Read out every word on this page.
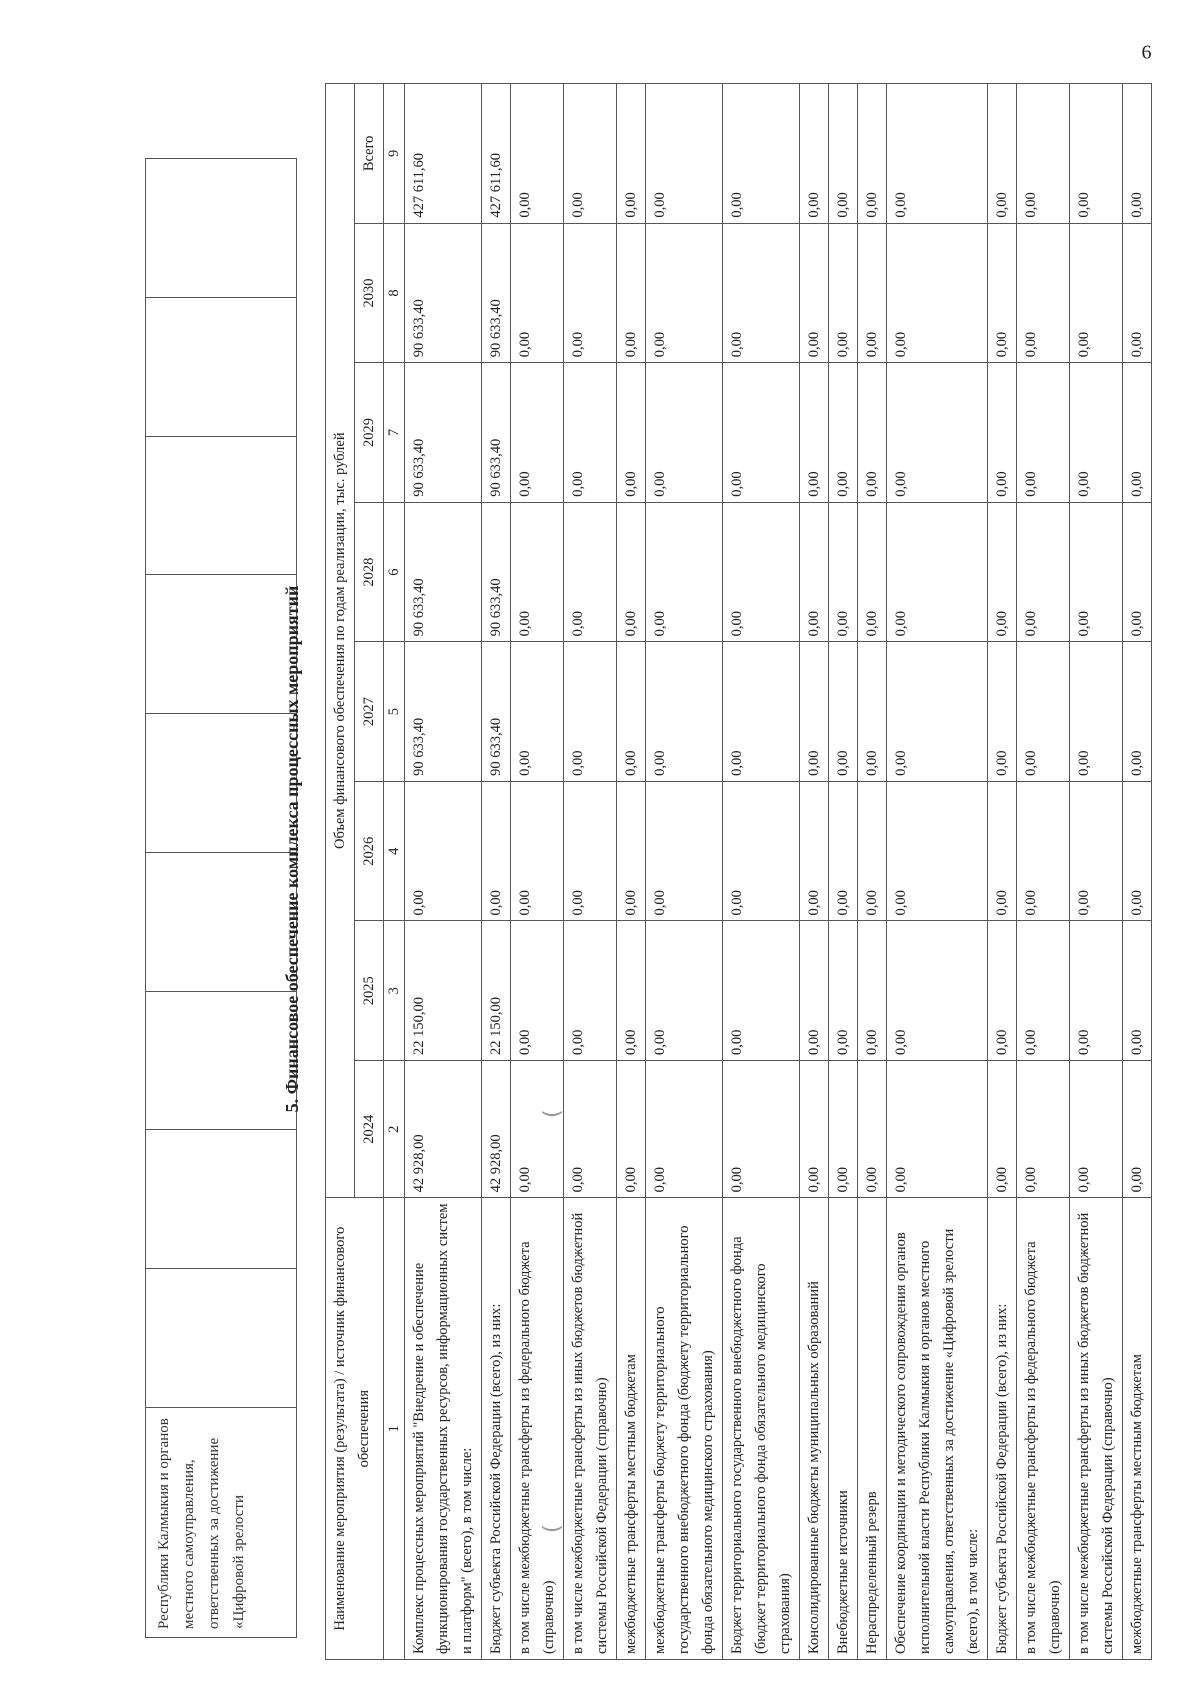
Республики Калмыкия и органов местного самоуправления, ответственных за достижение «Цифровой зрелости

5. Финансовое обеспечение комплекса процессных мероприятий
Наименование мероприятия (результата) / источник финансового обеспечения	Объем финансового обеспечения по годам реализации, тыс. рублей							
	2024	2025	2026	2027	2028	2029	2030	Всего
1	2	3	4	5	6	7	8	9
Комплекс процессных мероприятий "Внедрение и обеспечение функционирования государственных ресурсов, информационных систем и платформ" (всего), в том числе:	42 928,00	22 150,00	0,00	90 633,40	90 633,40	90 633,40	90 633,40	427 611,60
Бюджет субъекта Российской Федерации (всего), из них:	42 928,00	22 150,00	0,00	90 633,40	90 633,40	90 633,40	90 633,40	427 611,60
в том числе межбюджетные трансферты из федерального бюджета (справочно)	0,00	0,00	0,00	0,00	0,00	0,00	0,00	0,00
в том числе межбюджетные трансферты из иных бюджетов бюджетной системы Российской Федерации (справочно)	0,00	0,00	0,00	0,00	0,00	0,00	0,00	0,00
межбюджетные трансферты местным бюджетам	0,00	0,00	0,00	0,00	0,00	0,00	0,00	0,00
межбюджетные трансферты бюджету территориального государственного внебюджетного фонда (бюджету территориального фонда обязательного медицинского страхования)	0,00	0,00	0,00	0,00	0,00	0,00	0,00	0,00
Бюджет территориального государственного внебюджетного фонда (бюджет территориального фонда обязательного медицинского страхования)	0,00	0,00	0,00	0,00	0,00	0,00	0,00	0,00
Консолидированные бюджеты муниципальных образований	0,00	0,00	0,00	0,00	0,00	0,00	0,00	0,00
Внебюджетные источники	0,00	0,00	0,00	0,00	0,00	0,00	0,00	0,00
Нераспределенный резерв	0,00	0,00	0,00	0,00	0,00	0,00	0,00	0,00
Обеспечение координации и методического сопровождения органов исполнительной власти Республики Калмыкия и органов местного самоуправления, ответственных за достижение «Цифровой зрелости (всего), в том числе:	0,00	0,00	0,00	0,00	0,00	0,00	0,00	0,00
Бюджет субъекта Российской Федерации (всего), из них:	0,00	0,00	0,00	0,00	0,00	0,00	0,00	0,00
в том числе межбюджетные трансферты из федерального бюджета (справочно)	0,00	0,00	0,00	0,00	0,00	0,00	0,00	0,00
в том числе межбюджетные трансферты из иных бюджетов бюджетной системы Российской Федерации (справочно)	0,00	0,00	0,00	0,00	0,00	0,00	0,00	0,00
межбюджетные трансферты местным бюджетам	0,00	0,00	0,00	0,00	0,00	0,00	0,00	0,00
6
(
(
